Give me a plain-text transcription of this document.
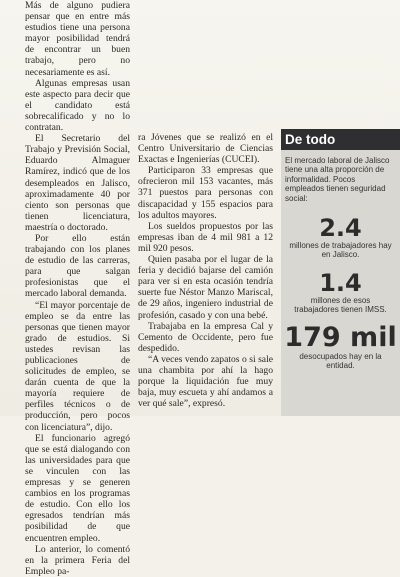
Más de alguno pudiera pensar que en entre más estudios tiene una persona mayor posibilidad tendrá de encontrar un buen trabajo, pero no necesariamente es así.

Algunas empresas usan este aspecto para decir que el candidato está sobrecalificado y no lo contratan.

El Secretario del Trabajo y Previsión Social, Eduardo Almaguer Ramírez, indicó que de los desempleados en Jalisco, aproximadamente 40 por ciento son personas que tienen licenciatura, maestría o doctorado.

Por ello están trabajando con los planes de estudio de las carreras, para que salgan profesionistas que el mercado laboral demanda.

“El mayor porcentaje de empleo se da entre las personas que tienen mayor grado de estudios. Si ustedes revisan las publicaciones de solicitudes de empleo, se darán cuenta de que la mayoría requiere de perfiles técnicos o de producción, pero pocos con licenciatura”, dijo.

El funcionario agregó que se está dialogando con las universidades para que se vinculen con las empresas y se generen cambios en los programas de estudio. Con ello los egresados tendrían más posibilidad de que encuentren empleo.

Lo anterior, lo comentó en la primera Feria del Empleo pa-

ra Jóvenes que se realizó en el Centro Universitario de Ciencias Exactas e Ingenierías (CUCEI).

Participaron 33 empresas que ofrecieron mil 153 vacantes, más 371 puestos para personas con discapacidad y 155 espacios para los adultos mayores.

Los sueldos propuestos por las empresas iban de 4 mil 981 a 12 mil 920 pesos.

Quien pasaba por el lugar de la feria y decidió bajarse del camión para ver si en esta ocasión tendría suerte fue Néstor Manzo Mariscal, de 29 años, ingeniero industrial de profesión, casado y con una bebé.

Trabajaba en la empresa Cal y Cemento de Occidente, pero fue despedido.

“A veces vendo zapatos o si sale una chambita por ahí la hago porque la liquidación fue muy baja, muy escueta y ahí andamos a ver qué sale”, expresó.

De todo
El mercado laboral de Jalisco tiene una alta proporción de informalidad. Pocos empleados tienen seguridad social:
2.4
millones de trabajadores hay en Jalisco.
1.4
millones de esos trabajadores tienen IMSS.
179 mil
desocupados hay en la entidad.
